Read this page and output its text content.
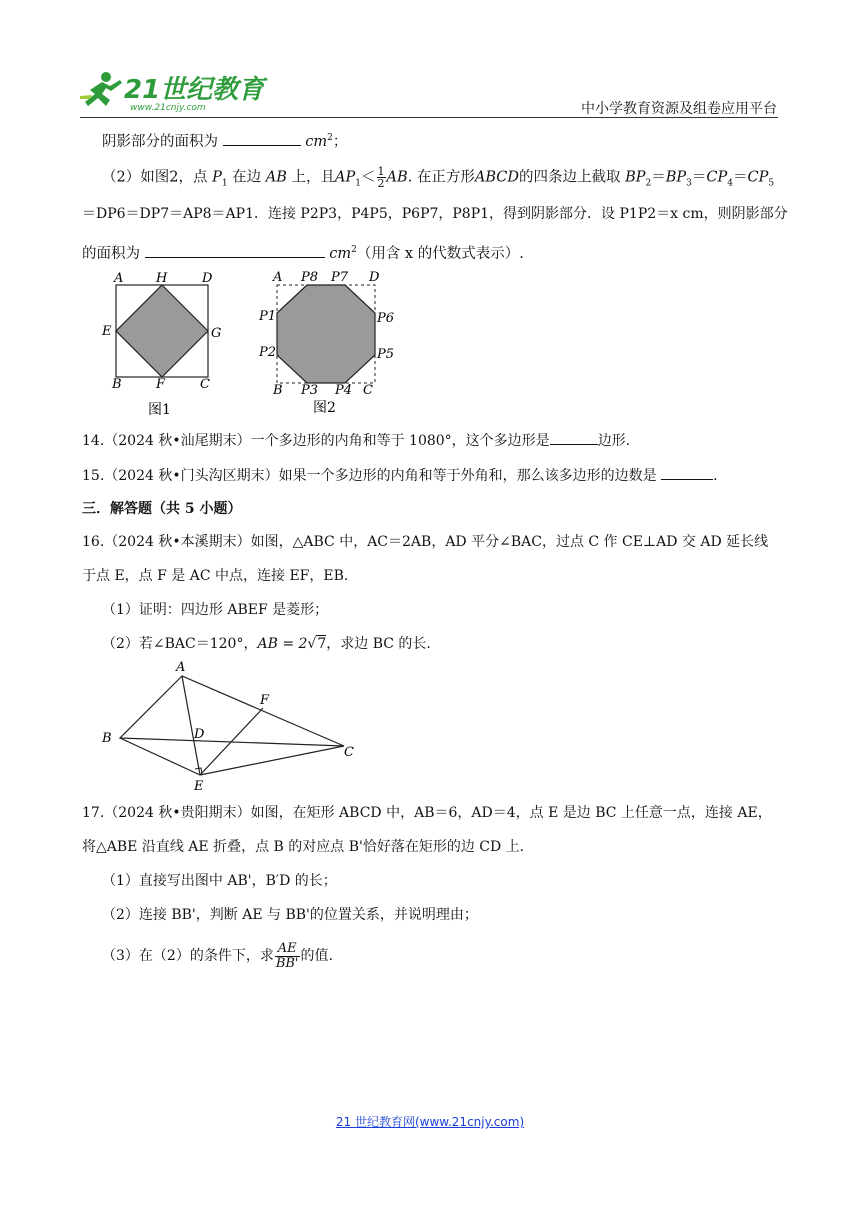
21世纪教育
www.21cnjy.com	中小学教育资源及组卷应用平台
阴影部分的面积为	$cm^2$；
（2）如图2，点 $P_1$ 在边 AB 上，且$AP_1< \frac{1}{2}$ AB. 在正方形ABCD的四条边上截取 $BP_2=BP_3=CP_4=CP_5$
＝DP6＝DP7＝AP8＝AP1．连接 P2P3，P4P5，P6P7，P8P1，得到阴影部分．设 P1P2＝x cm，则阴影部分
的面积为	$cm^2$（用含 x 的代数式表示）.
A	H	D
E	G
B	F	C
图1
A P8 P7 D
P1	P6
P2	P5
B P3 P4 C
图2
14.（2024 秋•汕尾期末）一个多边形的内角和等于 1080°，这个多边形是	边形.
15.（2024 秋•门头沟区期末）如果一个多边形的内角和等于外角和，那么该多边形的边数是	.
三．解答题（共 5 小题）
16.（2024 秋•本溪期末）如图，△ABC 中，AC＝2AB，AD 平分∠BAC，过点 C 作 CE⊥AD 交 AD 延长线
于点 E，点 F 是 AC 中点，连接 EF，EB．
（1）证明：四边形 ABEF 是菱形；
（2）若∠BAC＝120°，AB = 2√7，求边 BC 的长.
A
F
B	D
C
E
17.（2024 秋•贵阳期末）如图，在矩形 ABCD 中，AB＝6，AD＝4，点 E 是边 BC 上任意一点，连接 AE，
将△ABE 沿直线 AE 折叠，点 B 的对应点 B'恰好落在矩形的边 CD 上．
（1）直接写出图中 AB'，B′D 的长；
（2）连接 BB'，判断 AE 与 BB'的位置关系，并说明理由；
（3）在（2）的条件下，求 $\frac{AE}{BB'}$ 的值.
21 世纪教育网(www.21cnjy.com)
